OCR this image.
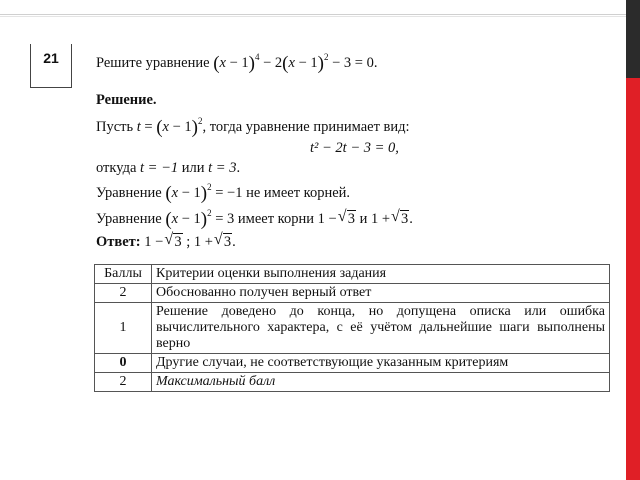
21	Решите уравнение $(x - 1)^4 - 2(x - 1)^2 - 3 = 0$.
Решение.
Пусть $t = (x - 1)^2$, тогда уравнение принимает вид:
t² − 2t − 3 = 0,
откуда t = −1 или t = 3.
Уравнение $(x - 1)^2 = -1$ не имеет корней.
Уравнение $(x - 1)^2 = 3$ имеет корни 1 − √ 3 и 1 + √ 3.
Ответ: 1 − √ 3 ; 1 + √ 3.
Баллы	Критерии оценки выполнения задания
2	Обоснованно получен верный ответ
1	Решение доведено до конца, но допущена описка или ошибка вычислительного характера, с её учётом дальнейшие шаги выполнены верно
0	Другие случаи, не соответствующие указанным критериям
2	Максимальный балл
